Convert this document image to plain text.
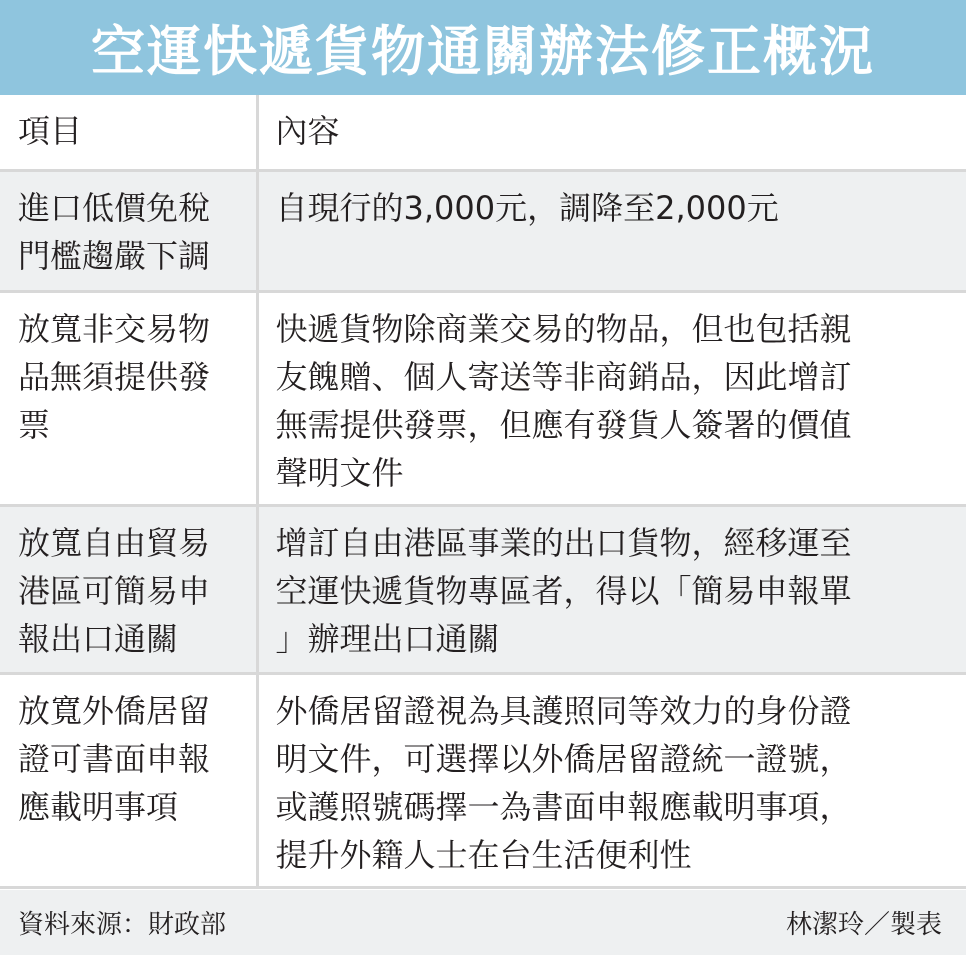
空運快遞貨物通關辦法修正概況
項目	內容

進口低價免稅
門檻趨嚴下調	自現行的3,000元，調降至2,000元

放寬非交易物
品無須提供發
票	快遞貨物除商業交易的物品，但也包括親
友餽贈、個人寄送等非商銷品，因此增訂
無需提供發票，但應有發貨人簽署的價值
聲明文件

放寬自由貿易
港區可簡易申
報出口通關	增訂自由港區事業的出口貨物，經移運至
空運快遞貨物專區者，得以「簡易申報單
」辦理出口通關

放寬外僑居留
證可書面申報
應載明事項	外僑居留證視為具護照同等效力的身份證
明文件，可選擇以外僑居留證統一證號，
或護照號碼擇一為書面申報應載明事項，
提升外籍人士在台生活便利性
資料來源：財政部	林潔玲／製表
